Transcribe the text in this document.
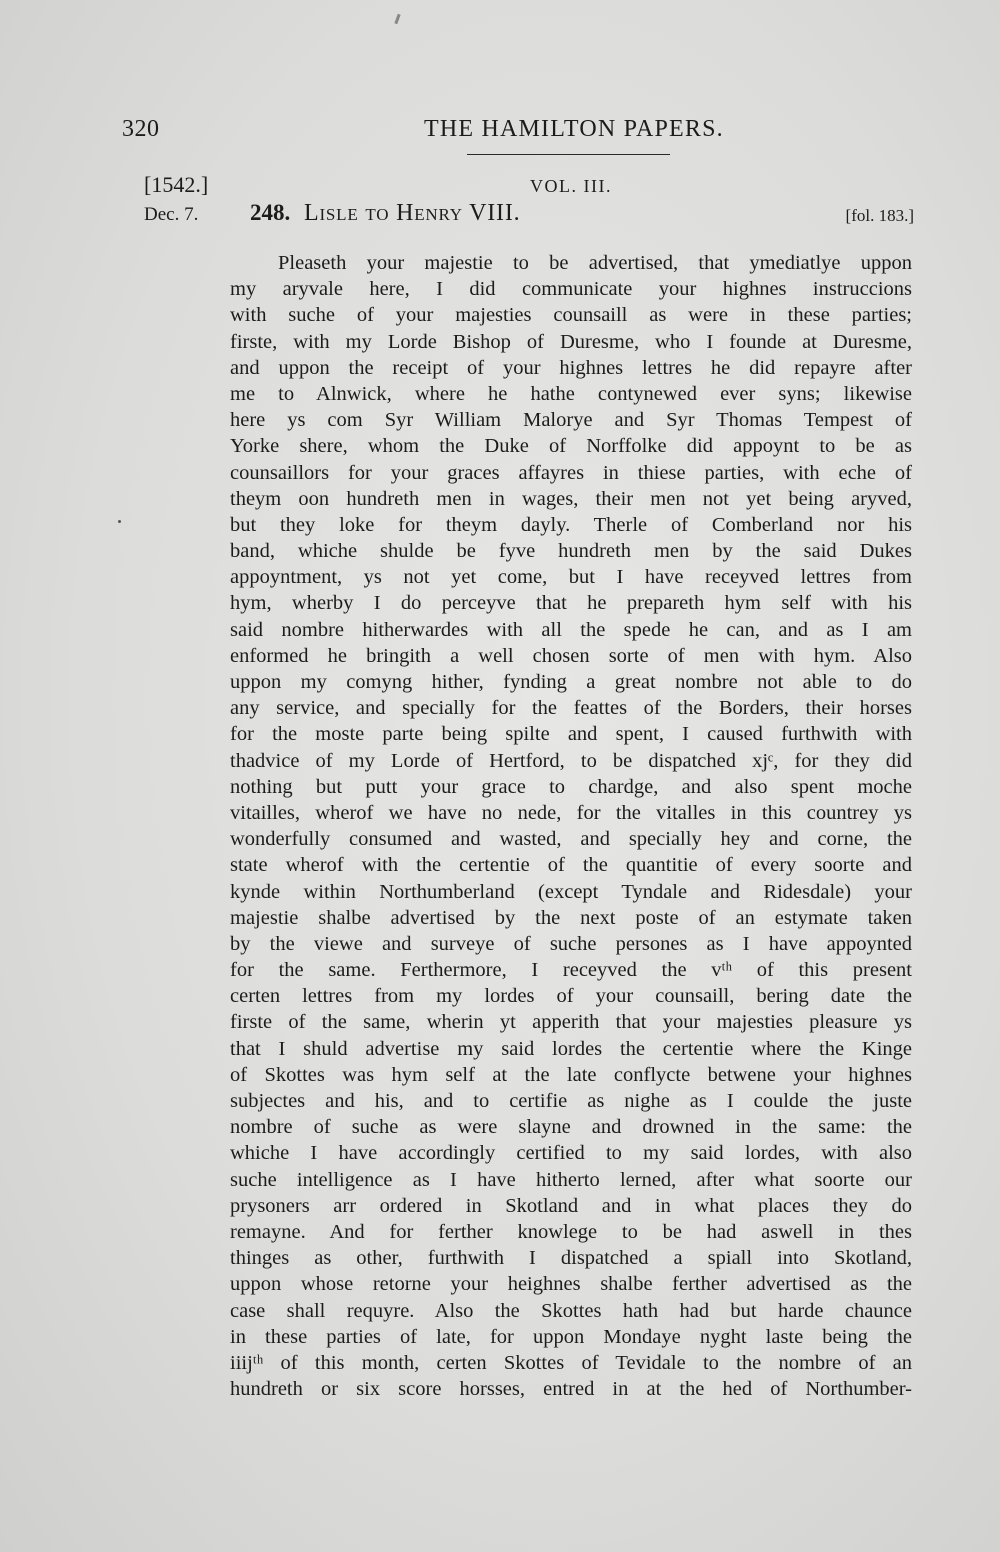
320	THE HAMILTON PAPERS.
[1542.]	VOL. III.
Dec. 7. 248. Lisle to Henry VIII.	[fol. 183.]
Pleaseth your majestie to be advertised, that ymediatlye uppon
my aryvale here, I did communicate your highnes instruccions
with suche of your majesties counsaill as were in these parties;
firste, with my Lorde Bishop of Duresme, who I founde at Duresme,
and uppon the receipt of your highnes lettres he did repayre after
me to Alnwick, where he hathe contynewed ever syns; likewise
here ys com Syr William Malorye and Syr Thomas Tempest of
Yorke shere, whom the Duke of Norffolke did appoynt to be as
counsaillors for your graces affayres in thiese parties, with eche of
theym oon hundreth men in wages, their men not yet being aryved,
but they loke for theym dayly. Therle of Comberland nor his
band, whiche shulde be fyve hundreth men by the said Dukes
appoyntment, ys not yet come, but I have receyved lettres from
hym, wherby I do perceyve that he prepareth hym self with his
said nombre hitherwardes with all the spede he can, and as I am
enformed he bringith a well chosen sorte of men with hym. Also
uppon my comyng hither, fynding a great nombre not able to do
any service, and specially for the feattes of the Borders, their horses
for the moste parte being spilte and spent, I caused furthwith with
thadvice of my Lorde of Hertford, to be dispatched xjᶜ, for they did
nothing but putt your grace to chardge, and also spent moche
vitailles, wherof we have no nede, for the vitalles in this countrey ys
wonderfully consumed and wasted, and specially hey and corne, the
state wherof with the certentie of the quantitie of every soorte and
kynde within Northumberland (except Tyndale and Ridesdale) your
majestie shalbe advertised by the next poste of an estymate taken
by the viewe and surveye of suche persones as I have appoynted
for the same. Ferthermore, I receyved the vᵗʰ of this present
certen lettres from my lordes of your counsaill, bering date the
firste of the same, wherin yt apperith that your majesties pleasure ys
that I shuld advertise my said lordes the certentie where the Kinge
of Skottes was hym self at the late conflycte betwene your highnes
subjectes and his, and to certifie as nighe as I coulde the juste
nombre of suche as were slayne and drowned in the same: the
whiche I have accordingly certified to my said lordes, with also
suche intelligence as I have hitherto lerned, after what soorte our
prysoners arr ordered in Skotland and in what places they do
remayne. And for ferther knowlege to be had aswell in thes
thinges as other, furthwith I dispatched a spiall into Skotland,
uppon whose retorne your heighnes shalbe ferther advertised as the
case shall requyre. Also the Skottes hath had but harde chaunce
in these parties of late, for uppon Mondaye nyght laste being the
iiijᵗʰ of this month, certen Skottes of Tevidale to the nombre of an
hundreth or six score horsses, entred in at the hed of Northumber-
